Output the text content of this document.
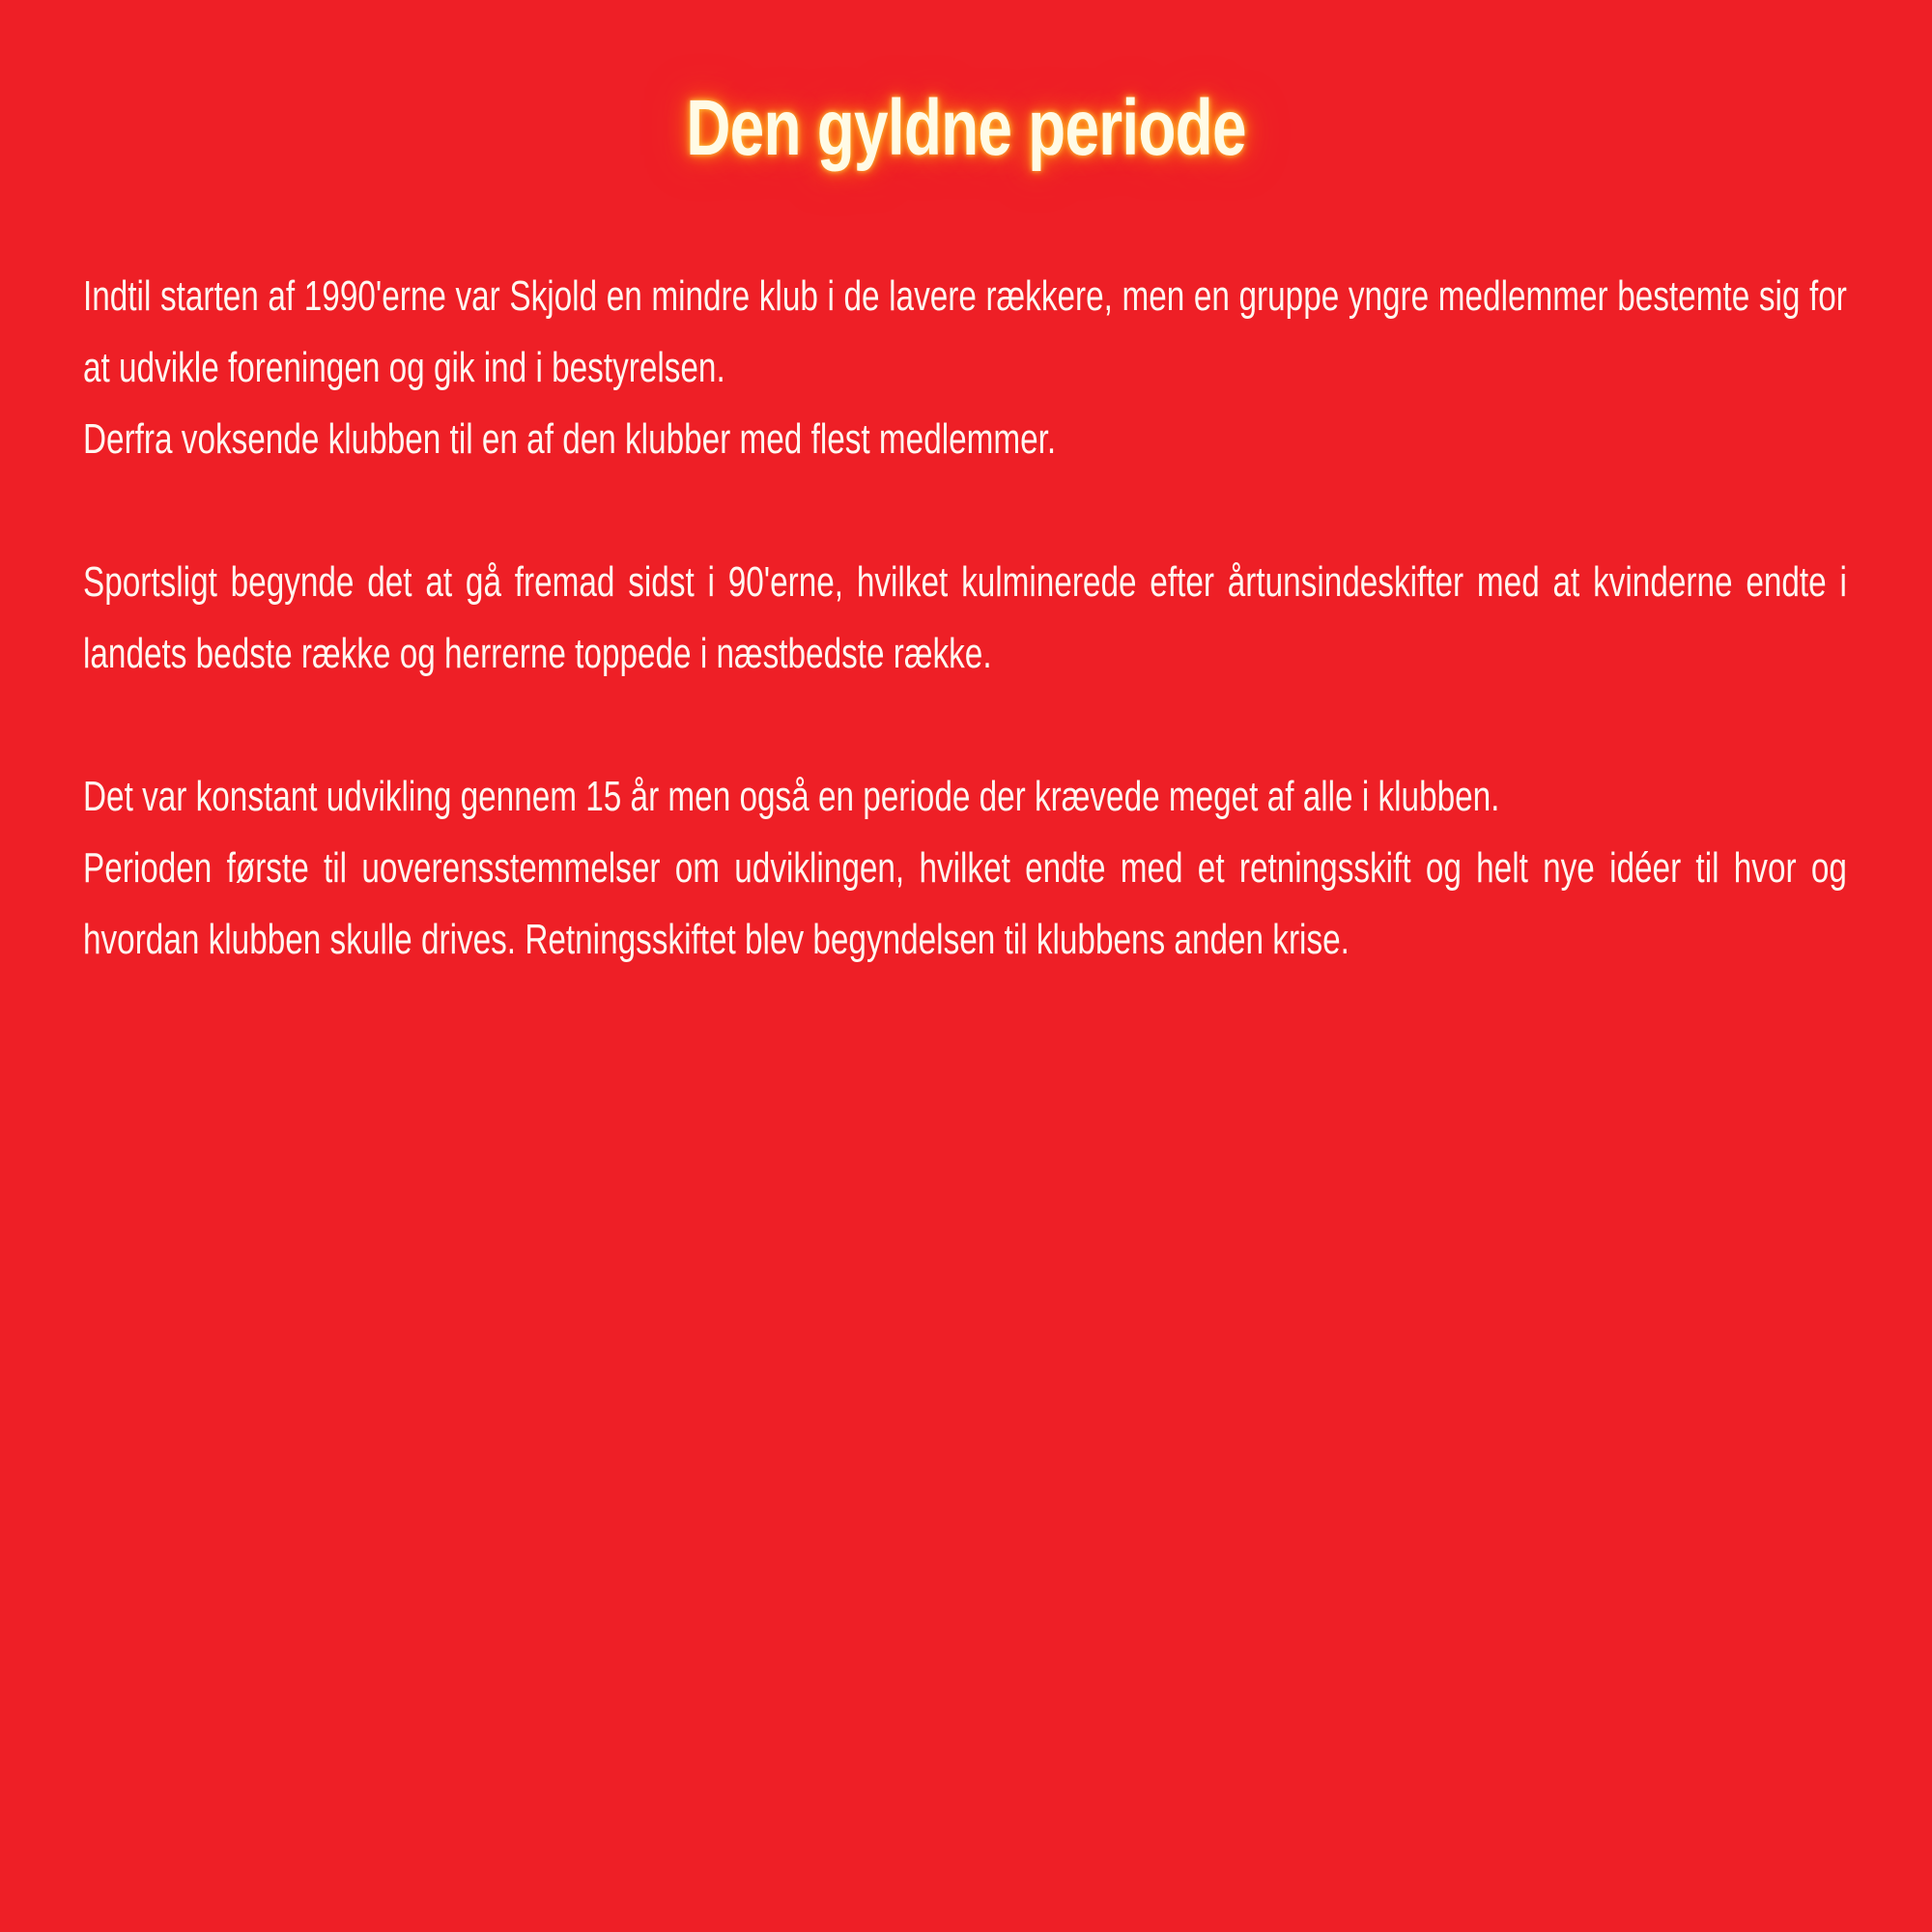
Den gyldne periode

Indtil starten af 1990'erne var Skjold en mindre klub i de lavere rækkere, men en gruppe yngre medlemmer bestemte sig for at udvikle foreningen og gik ind i bestyrelsen.
Derfra voksende klubben til en af den klubber med flest medlemmer.

Sportsligt begynde det at gå fremad sidst i 90'erne, hvilket kulminerede efter årtunsindeskifter med at kvinderne endte i landets bedste række og herrerne toppede i næstbedste række.

Det var konstant udvikling gennem 15 år men også en periode der krævede meget af alle i klubben.
Perioden første til uoverensstemmelser om udviklingen, hvilket endte med et retningsskift og helt nye idéer til hvor og hvordan klubben skulle drives. Retningsskiftet blev begyndelsen til klubbens anden krise.
